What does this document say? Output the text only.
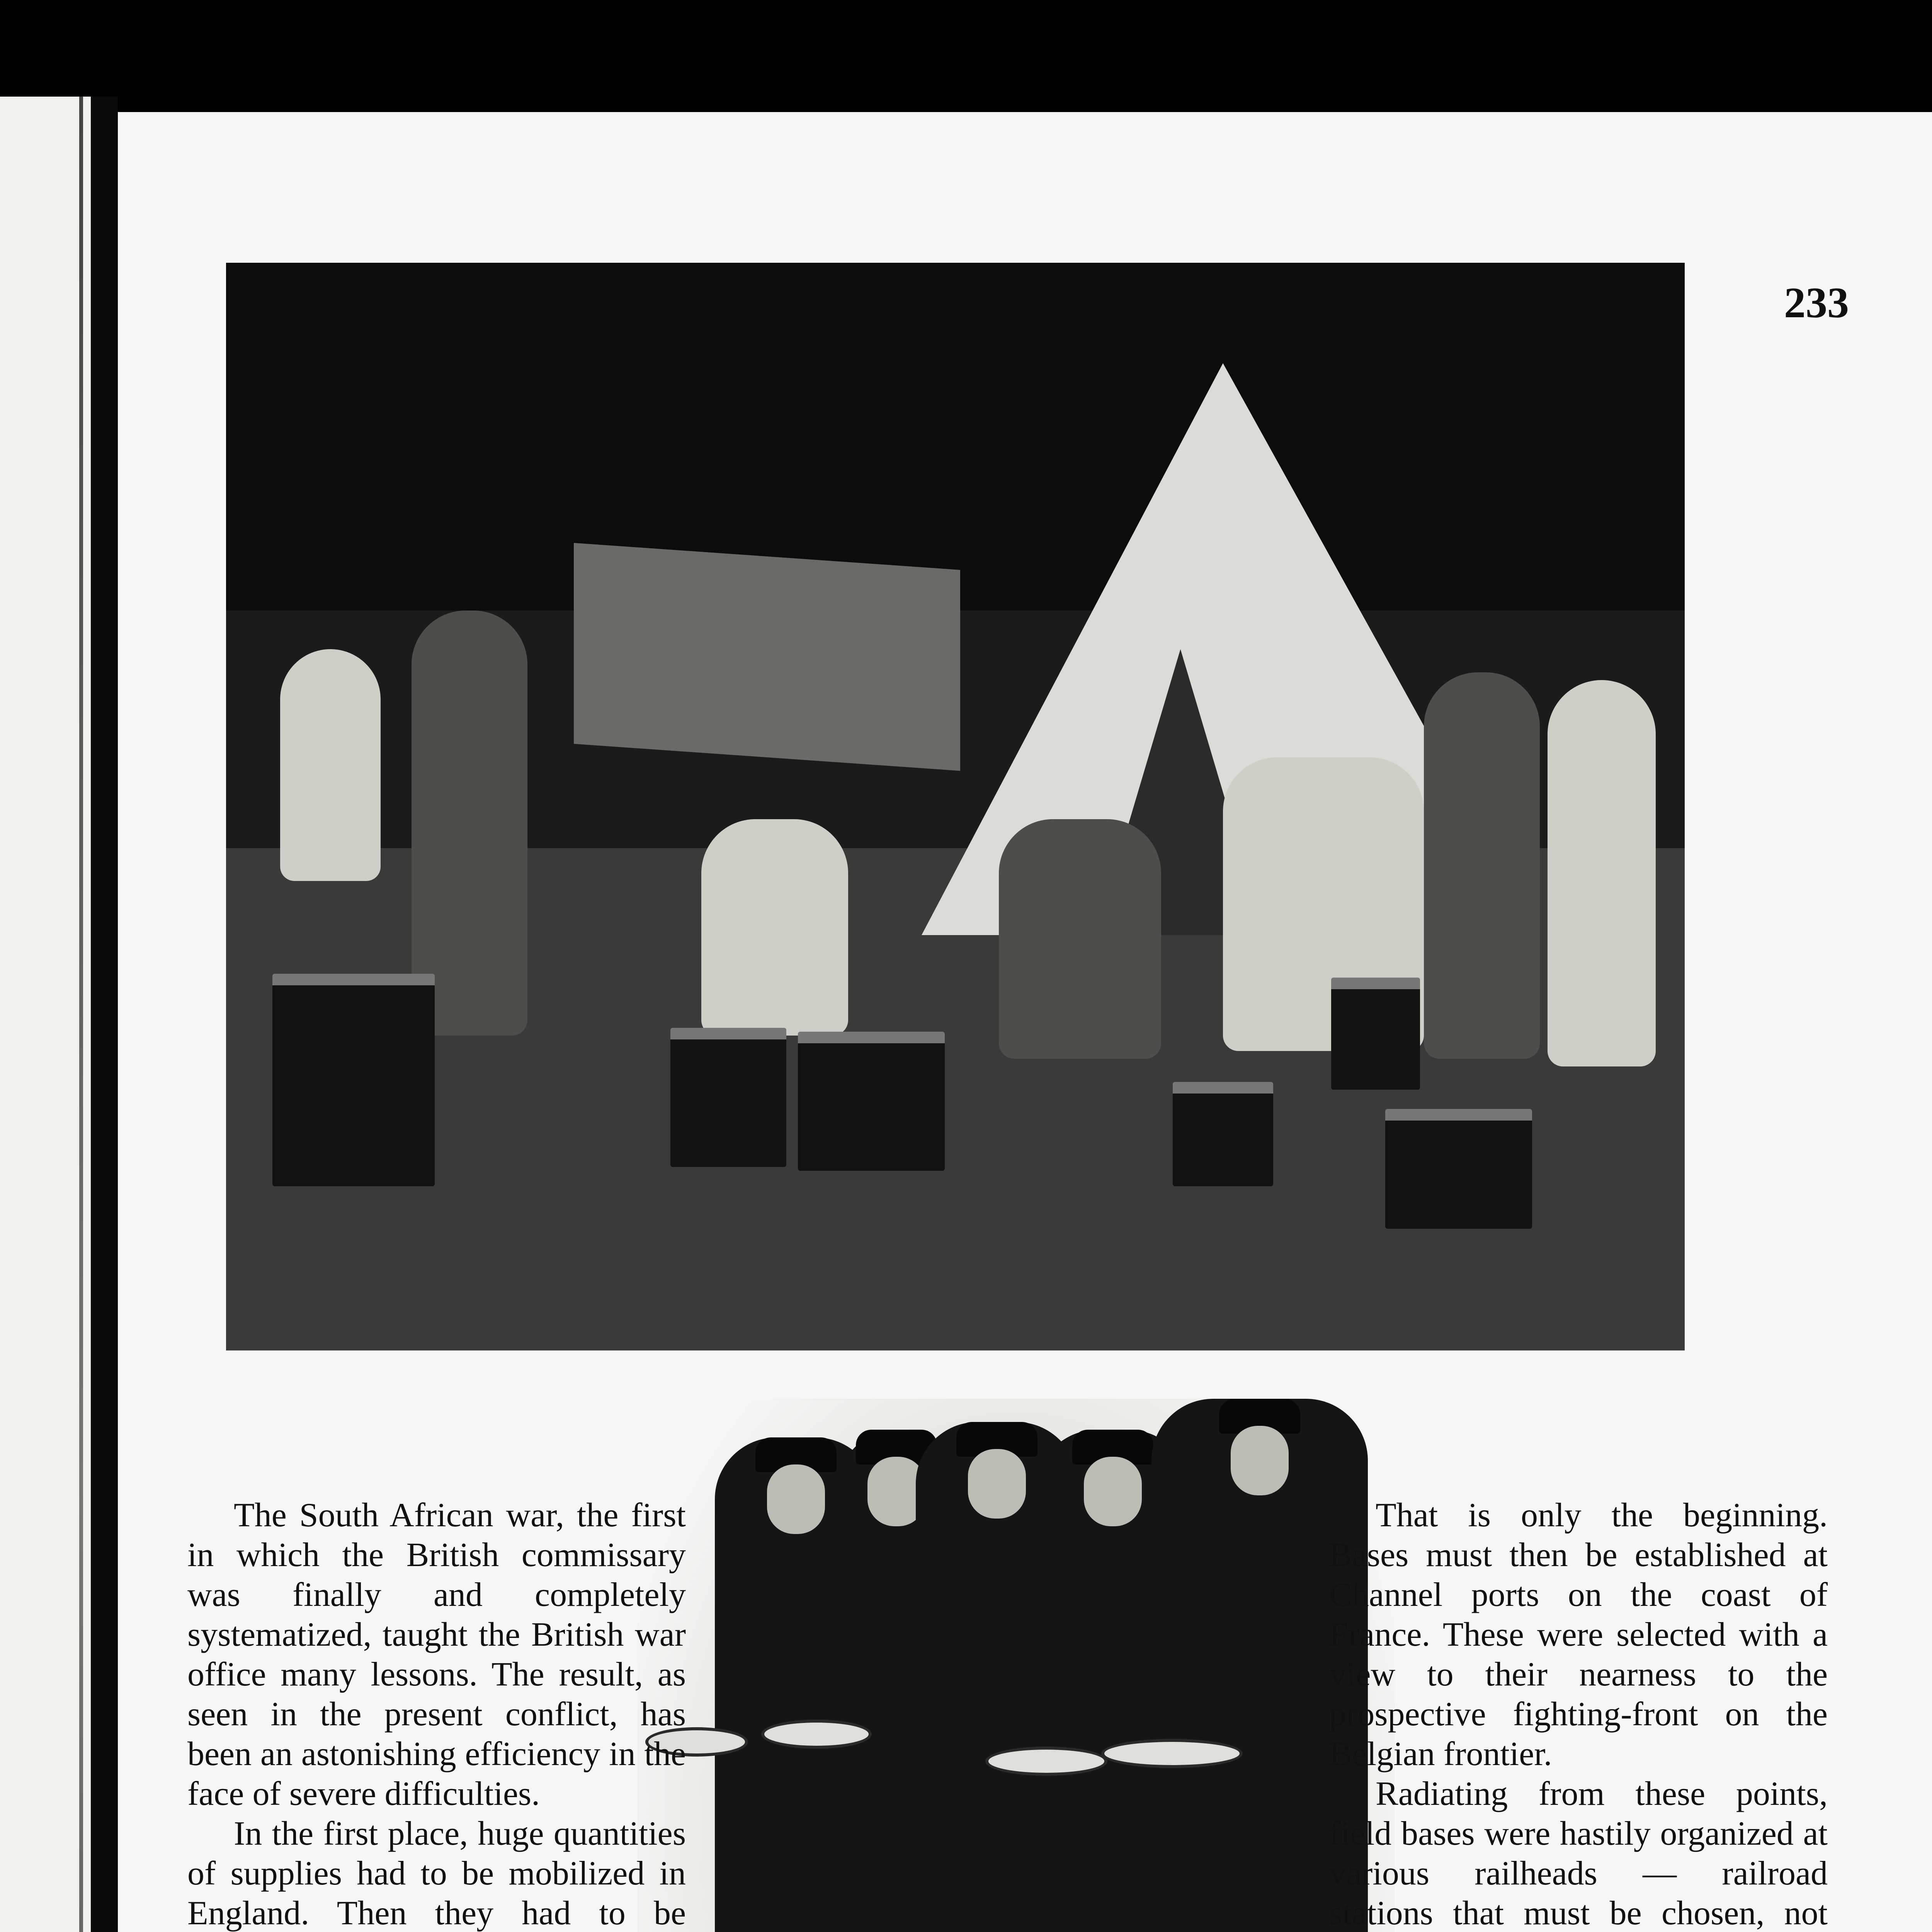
233

The South African war, the first in which the British commissary was finally and completely systematized, taught the British war office many lessons. The result, as seen in the present conflict, has been an astonishing efficiency in the face of severe difficulties.

In the first place, huge quantities of supplies had to be mobilized in England. Then they had to be

That is only the beginning. Bases must then be established at Channel ports on the coast of France. These were selected with a view to their nearness to the prospective fighting-front on the Belgian frontier.

Radiating from these points, field bases were hastily organized at various railheads — railroad stations that must be chosen, not
